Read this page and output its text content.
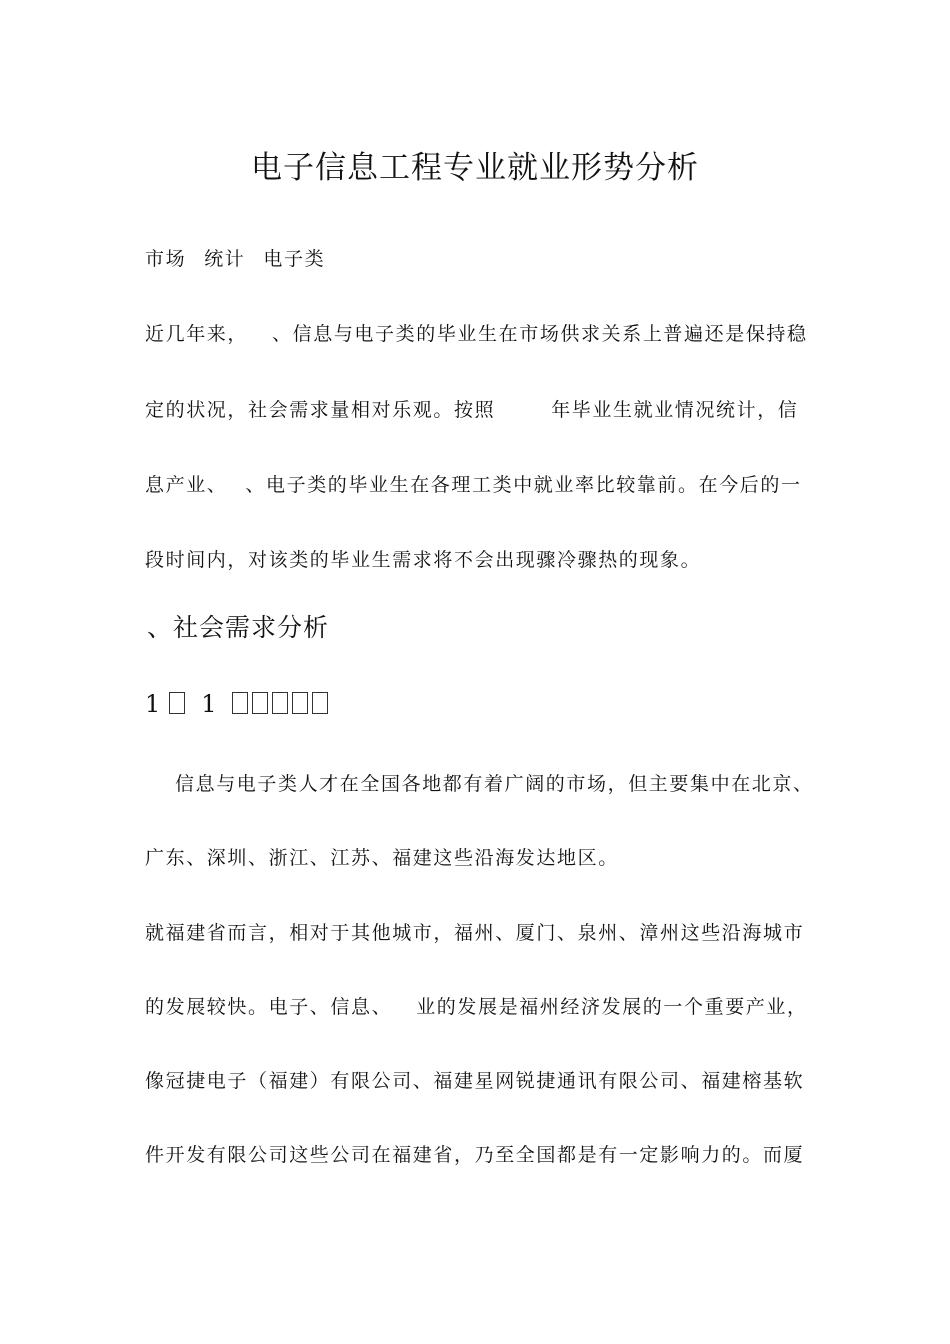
电子信息工程专业就业形势分析
市场 统计 电子类
近几年来， 、信息与电子类的毕业生在市场供求关系上普遍还是保持稳
定的状况，社会需求量相对乐观。按照	年毕业生就业情况统计，信
息产业、 、电子类的毕业生在各理工类中就业率比较靠前。在今后的一
段时间内，对该类的毕业生需求将不会出现骤冷骤热的现象。
、社会需求分析
1 1
信息与电子类人才在全国各地都有着广阔的市场，但主要集中在北京、
广东、深圳、浙江、江苏、福建这些沿海发达地区。
就福建省而言，相对于其他城市，福州、厦门、泉州、漳州这些沿海城市
的发展较快。电子、信息、 业的发展是福州经济发展的一个重要产业，
像冠捷电子（福建）有限公司、福建星网锐捷通讯有限公司、福建榕基软
件开发有限公司这些公司在福建省，乃至全国都是有一定影响力的。而厦
